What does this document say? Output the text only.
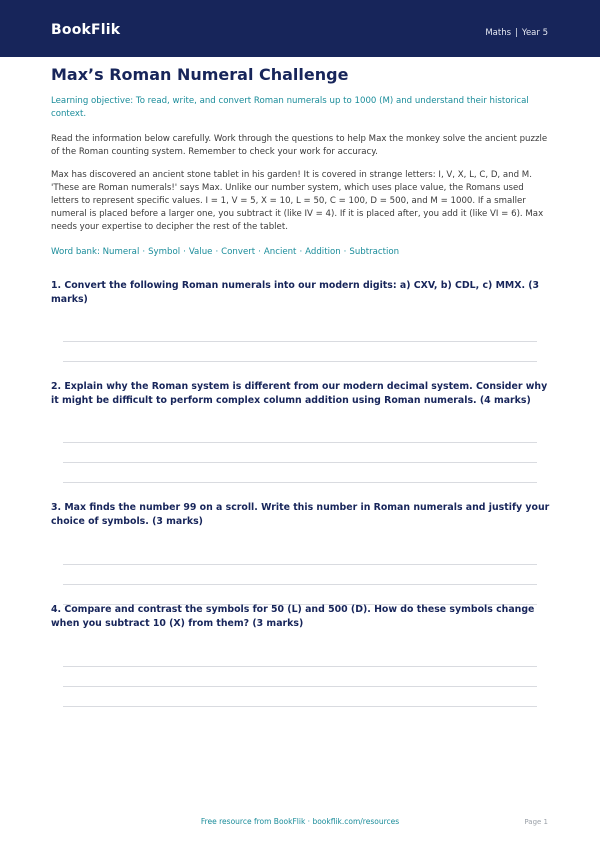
BookFlik	Maths | Year 5
Max’s Roman Numeral Challenge

Learning objective: To read, write, and convert Roman numerals up to 1000 (M) and understand their historical context.

Read the information below carefully. Work through the questions to help Max the monkey solve the ancient puzzle of the Roman counting system. Remember to check your work for accuracy.

Max has discovered an ancient stone tablet in his garden! It is covered in strange letters: I, V, X, L, C, D, and M. 'These are Roman numerals!' says Max. Unlike our number system, which uses place value, the Romans used letters to represent specific values. I = 1, V = 5, X = 10, L = 50, C = 100, D = 500, and M = 1000. If a smaller numeral is placed before a larger one, you subtract it (like IV = 4). If it is placed after, you add it (like VI = 6). Max needs your expertise to decipher the rest of the tablet.

Word bank: Numeral · Symbol · Value · Convert · Ancient · Addition · Subtraction

1. Convert the following Roman numerals into our modern digits: a) CXV, b) CDL, c) MMX. (3 marks)

2. Explain why the Roman system is different from our modern decimal system. Consider why it might be difficult to perform complex column addition using Roman numerals. (4 marks)

3. Max finds the number 99 on a scroll. Write this number in Roman numerals and justify your choice of symbols. (3 marks)

4. Compare and contrast the symbols for 50 (L) and 500 (D). How do these symbols change when you subtract 10 (X) from them? (3 marks)

Free resource from BookFlik · bookflik.com/resources	Page 1
